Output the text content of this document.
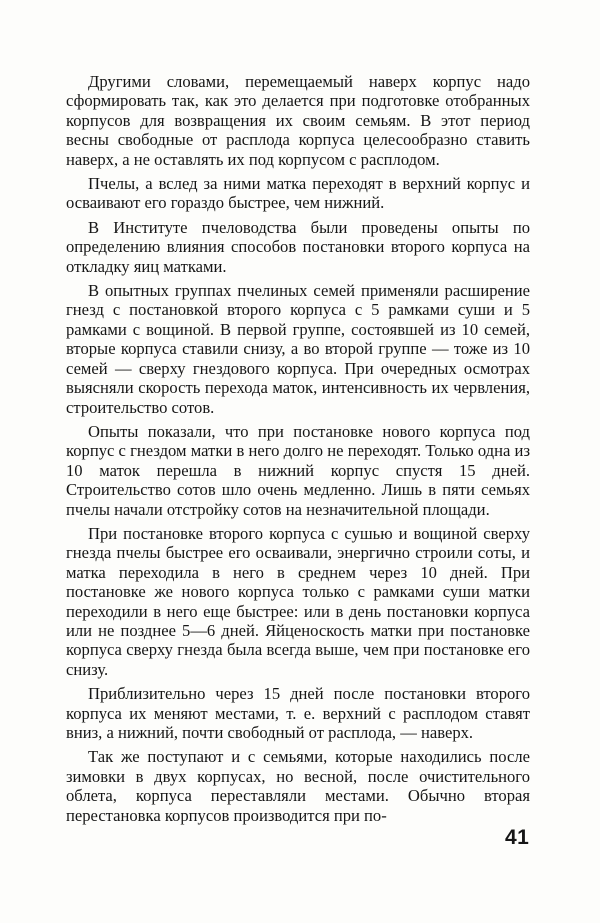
Другими словами, перемещаемый наверх корпус надо сформировать так, как это делается при подготовке отобранных корпусов для возвращения их своим семьям. В этот период весны свободные от расплода корпуса целесообразно ставить наверх, а не оставлять их под корпусом с расплодом.

Пчелы, а вслед за ними матка переходят в верхний корпус и осваивают его гораздо быстрее, чем нижний.

В Институте пчеловодства были проведены опыты по определению влияния способов постановки второго корпуса на откладку яиц матками.

В опытных группах пчелиных семей применяли расширение гнезд с постановкой второго корпуса с 5 рамками суши и 5 рамками с вощиной. В первой группе, состоявшей из 10 семей, вторые корпуса ставили снизу, а во второй группе — тоже из 10 семей — сверху гнездового корпуса. При очередных осмотрах выясняли скорость перехода маток, интенсивность их червления, строительство сотов.

Опыты показали, что при постановке нового корпуса под корпус с гнездом матки в него долго не переходят. Только одна из 10 маток перешла в нижний корпус спустя 15 дней. Строительство сотов шло очень медленно. Лишь в пяти семьях пчелы начали отстройку сотов на незначительной площади.

При постановке второго корпуса с сушью и вощиной сверху гнезда пчелы быстрее его осваивали, энергично строили соты, и матка переходила в него в среднем через 10 дней. При постановке же нового корпуса только с рамками суши матки переходили в него еще быстрее: или в день постановки корпуса или не позднее 5—6 дней. Яйценоскость матки при постановке корпуса сверху гнезда была всегда выше, чем при постановке его снизу.

Приблизительно через 15 дней после постановки второго корпуса их меняют местами, т. е. верхний с расплодом ставят вниз, а нижний, почти свободный от расплода, — наверх.

Так же поступают и с семьями, которые находились после зимовки в двух корпусах, но весной, после очистительного облета, корпуса переставляли местами. Обычно вторая перестановка корпусов производится при по-

41
